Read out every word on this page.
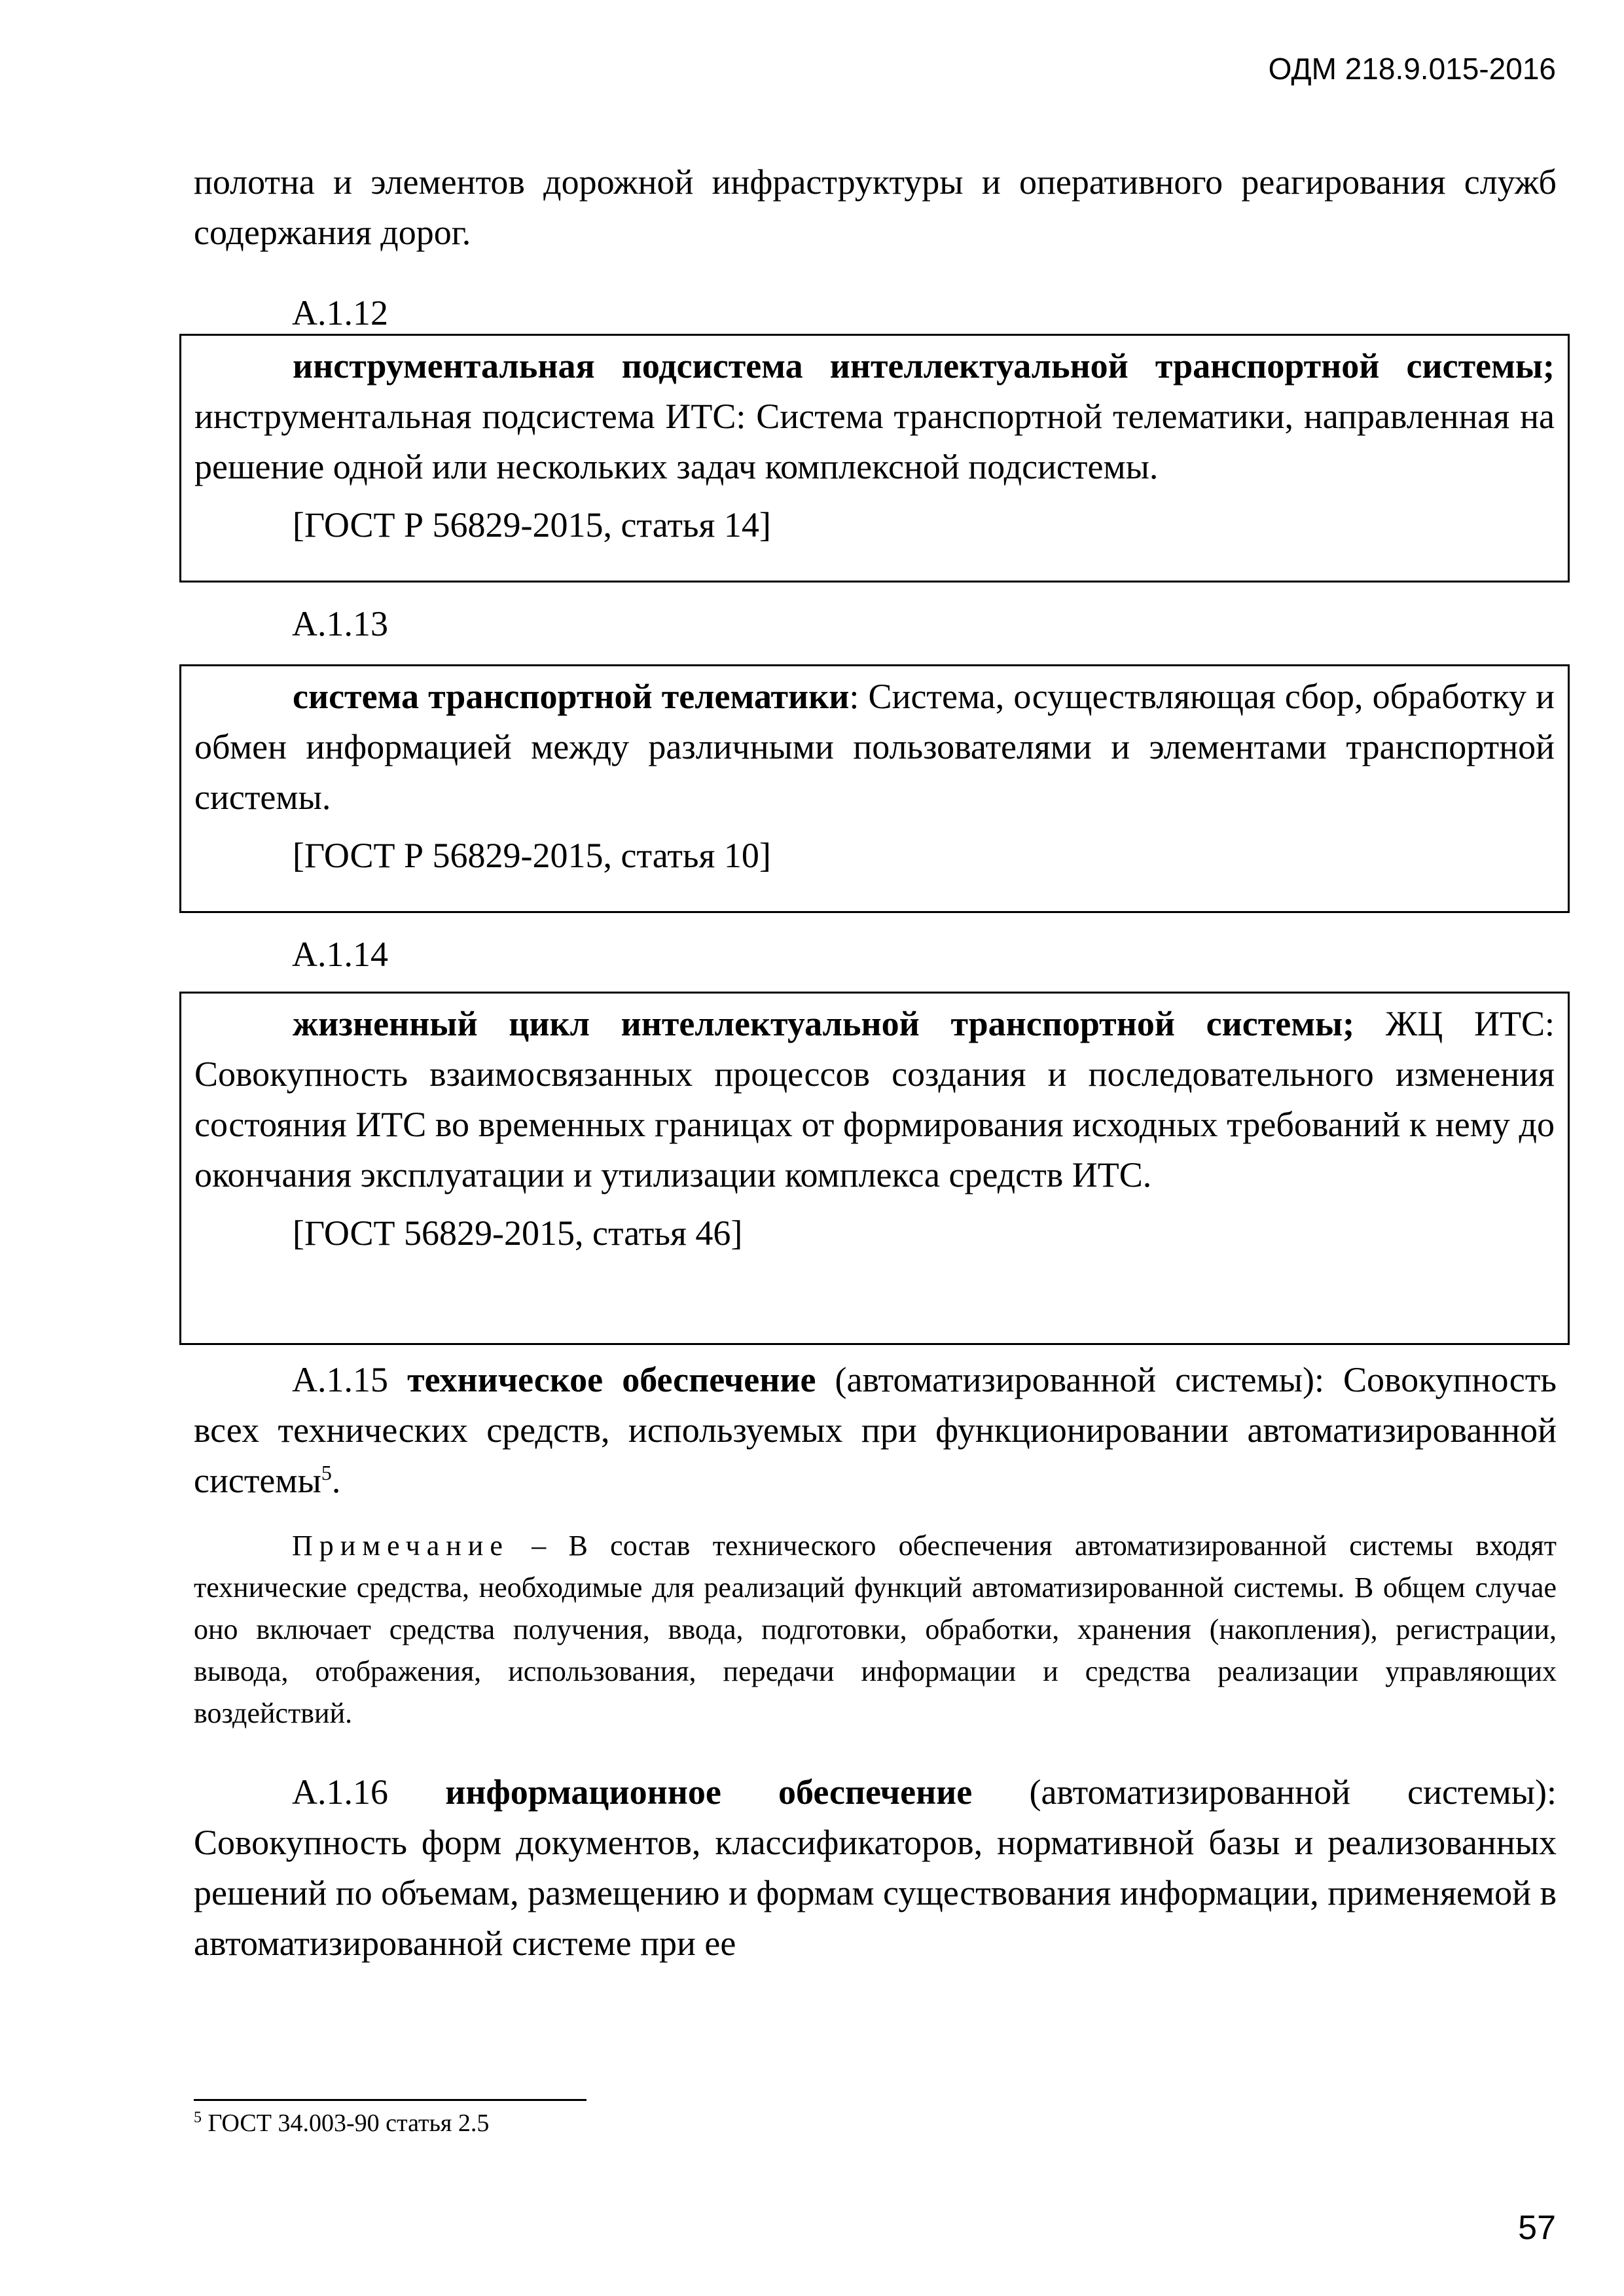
ОДМ 218.9.015-2016

полотна и элементов дорожной инфраструктуры и оперативного реагирования служб содержания дорог.

А.1.12

инструментальная подсистема интеллектуальной транспортной системы; инструментальная подсистема ИТС: Система транспортной телематики, направленная на решение одной или нескольких задач комплексной подсистемы.

[ГОСТ Р 56829-2015, статья 14]

А.1.13

система транспортной телематики: Система, осуществляющая сбор, обработку и обмен информацией между различными пользователями и элементами транспортной системы.

[ГОСТ Р 56829-2015, статья 10]

А.1.14

жизненный цикл интеллектуальной транспортной системы; ЖЦ ИТС: Совокупность взаимосвязанных процессов создания и последовательного изменения состояния ИТС во временных границах от формирования исходных требований к нему до окончания эксплуатации и утилизации комплекса средств ИТС.

[ГОСТ 56829-2015, статья 46]

А.1.15 техническое обеспечение (автоматизированной системы): Совокупность всех технических средств, используемых при функционировании автоматизированной системы$^5$.

Примечание – В состав технического обеспечения автоматизированной системы входят технические средства, необходимые для реализаций функций автоматизированной системы. В общем случае оно включает средства получения, ввода, подготовки, обработки, хранения (накопления), регистрации, вывода, отображения, использования, передачи информации и средства реализации управляющих воздействий.

А.1.16 информационное обеспечение (автоматизированной системы): Совокупность форм документов, классификаторов, нормативной базы и реализованных решений по объемам, размещению и формам существования информации, применяемой в автоматизированной системе при ее

$^5$ ГОСТ 34.003-90 статья 2.5
57
